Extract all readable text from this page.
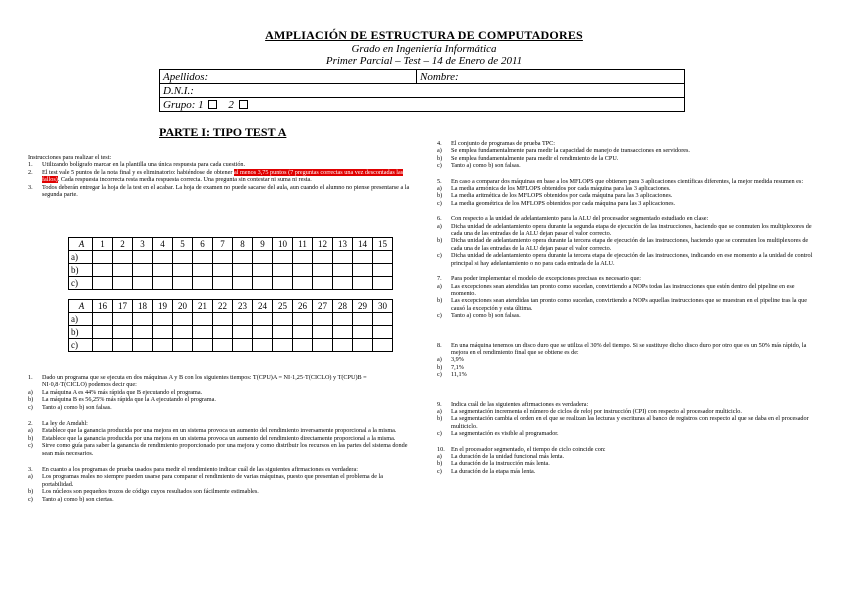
AMPLIACIÓN DE ESTRUCTURA DE COMPUTADORES
Grado en Ingeniería Informática
Primer Parcial – Test – 14 de Enero de 2011
Apellidos:	Nombre:
D.N.I.:
Grupo: 1 2
PARTE I: TIPO TEST A
Instrucciones para realizar el test:
1.	Utilizando bolígrafo marcar en la plantilla una única respuesta para cada cuestión.
2.	El test vale 5 puntos de la nota final y es eliminatorio: habiéndose de obtener al menos 3,75 puntos (7 preguntas correctas una vez descontadas las fallos). Cada respuesta incorrecta resta media respuesta correcta. Una pregunta sin contestar ni suma ni resta.
3.	Todos deberán entregar la hoja de la test en el acabar. La hoja de examen no puede sacarse del aula, aun cuando el alumno no piense presentarse a la segunda parte.
A	1	2	3	4	5	6	7	8	9	10	11	12	13	14	15
a)															
b)															
c)															
A	16	17	18	19	20	21	22	23	24	25	26	27	28	29	30
a)															
b)															
c)															
1.	Dado un programa que se ejecuta en dos máquinas A y B con los siguientes tiempos: T(CPU)A = NI·1,25·T(CICLO) y T(CPU)B = NI·0,8·T(CICLO) podemos decir que:
a)	La máquina A es 44% más rápida que B ejecutando el programa.
b)	La máquina B es 56,25% más rápida que la A ejecutando el programa.
c)	Tanto a) como b) son falsas.
2.	La ley de Amdahl:
a)	Establece que la ganancia producida por una mejora en un sistema provoca un aumento del rendimiento inversamente proporcional a la misma.
b)	Establece que la ganancia producida por una mejora en un sistema provoca un aumento del rendimiento directamente proporcional a la misma.
c)	Sirve como guía para saber la ganancia de rendimiento proporcionado por una mejora y como distribuir los recursos en las partes del sistema donde sean más necesarios.
3.	En cuanto a los programas de prueba usados para medir el rendimiento indicar cuál de las siguientes afirmaciones es verdadera:
a)	Los programas reales no siempre pueden usarse para comparar el rendimiento de varias máquinas, puesto que presentan el problema de la portabilidad.
b)	Los núcleos son pequeños trozos de código cuyos resultados son fácilmente estimables.
c)	Tanto a) como b) son ciertas.
4.	El conjunto de programas de prueba TPC:
a)	Se emplea fundamentalmente para medir la capacidad de manejo de transacciones en servidores.
b)	Se emplea fundamentalmente para medir el rendimiento de la CPU.
c)	Tanto a) como b) son falsas.
5.	En caso a comparar dos máquinas en base a los MFLOPS que obtienen para 3 aplicaciones científicas diferentes, la mejor medida resumen es:
a)	La media armónica de los MFLOPS obtenidos por cada máquina para las 3 aplicaciones.
b)	La media aritmética de los MFLOPS obtenidos por cada máquina para las 3 aplicaciones.
c)	La media geométrica de los MFLOPS obtenidos por cada máquina para las 3 aplicaciones.
6.	Con respecto a la unidad de adelantamiento para la ALU del procesador segmentado estudiado en clase:
a)	Dicha unidad de adelantamiento opera durante la segunda etapa de ejecución de las instrucciones, haciendo que se conmuten los multiplexores de cada una de las entradas de la ALU dejan pasar el valor correcto.
b)	Dicha unidad de adelantamiento opera durante la tercera etapa de ejecución de las instrucciones, haciendo que se conmuten los multiplexores de cada una de las entradas de la ALU dejan pasar el valor correcto.
c)	Dicha unidad de adelantamiento opera durante la tercera etapa de ejecución de las instrucciones, indicando en ese momento a la unidad de control principal si hay adelantamiento o no para cada entrada de la ALU.
7.	Para poder implementar el modelo de excepciones precisas es necesario que:
a)	Las excepciones sean atendidas tan pronto como sucedan, convirtiendo a NOPs todas las instrucciones que estén dentro del pipeline en ese momento.
b)	Las excepciones sean atendidas tan pronto como sucedan, convirtiendo a NOPs aquellas instrucciones que se muestran en el pipeline tras la que causó la excepción y esta última.
c)	Tanto a) como b) son falsas.
8.	En una máquina tenemos un disco duro que se utiliza el 30% del tiempo. Si se sustituye dicho disco duro por otro que es un 50% más rápido, la mejora en el rendimiento final que se obtiene es de:
a)	3,9%
b)	7,1%
c)	11,1%
9.	Indica cuál de las siguientes afirmaciones es verdadera:
a)	La segmentación incrementa el número de ciclos de reloj por instrucción (CPI) con respecto al procesador multiciclo.
b)	La segmentación cambia el orden en el que se realizan las lecturas y escrituras al banco de registros con respecto al que se daba en el procesador multiciclo.
c)	La segmentación es visible al programador.
10.	En el procesador segmentado, el tiempo de ciclo coincide con:
a)	La duración de la unidad funcional más lenta.
b)	La duración de la instrucción más lenta.
c)	La duración de la etapa más lenta.
